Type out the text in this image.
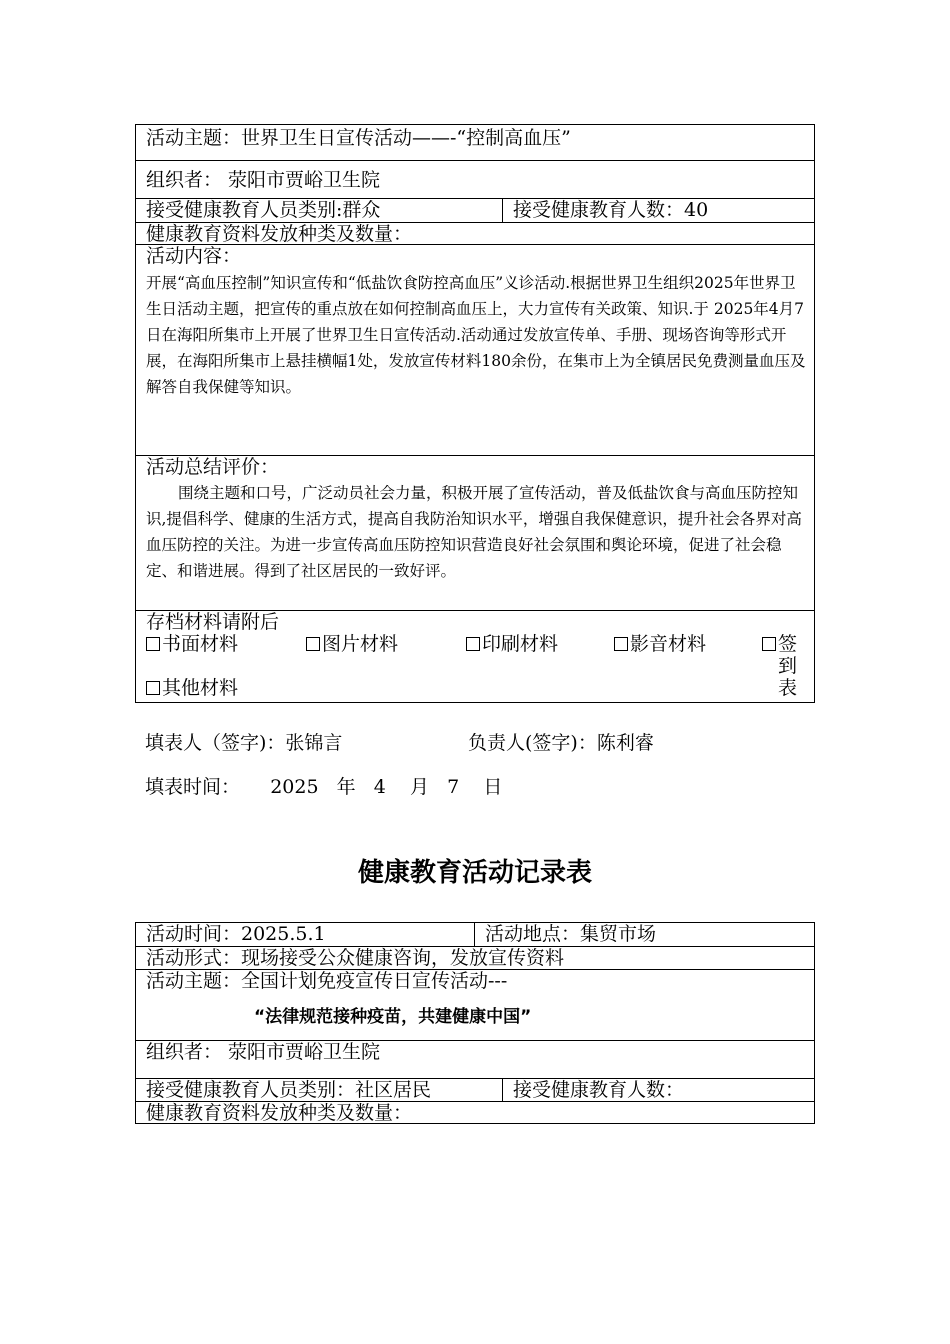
活动主题：世界卫生日宣传活动——-“控制高血压”
组织者： 荥阳市贾峪卫生院
接受健康教育人员类别:群众	接受健康教育人数：40
健康教育资料发放种类及数量：
活动内容：
开展“高血压控制”知识宣传和“低盐饮食防控高血压”义诊活动.根据世界卫生组织2025年世界卫生日活动主题，把宣传的重点放在如何控制高血压上，大力宣传有关政策、知识.于 2025年4月7日在海阳所集市上开展了世界卫生日宣传活动.活动通过发放宣传单、手册、现场咨询等形式开展，在海阳所集市上悬挂横幅1处，发放宣传材料180余份，在集市上为全镇居民免费测量血压及解答自我保健等知识。
活动总结评价：
围绕主题和口号，广泛动员社会力量，积极开展了宣传活动，普及低盐饮食与高血压防控知识,提倡科学、健康的生活方式，提高自我防治知识水平，增强自我保健意识，提升社会各界对高血压防控的关注。为进一步宣传高血压防控知识营造良好社会氛围和舆论环境，促进了社会稳定、和谐进展。得到了社区居民的一致好评。
存档材料请附后
书面材料	图片材料	印刷材料	影音材料	签到表
其他材料
填表人（签字)：张锦言	负责人(签字)：陈利睿
填表时间：     2025   年   4    月   7    日
健康教育活动记录表
活动时间：2025.5.1	活动地点：集贸市场
活动形式：现场接受公众健康咨询，发放宣传资料
活动主题：全国计划免疫宣传日宣传活动---
“法律规范接种疫苗，共建健康中国”
组织者： 荥阳市贾峪卫生院
接受健康教育人员类别：社区居民	接受健康教育人数：
健康教育资料发放种类及数量：
